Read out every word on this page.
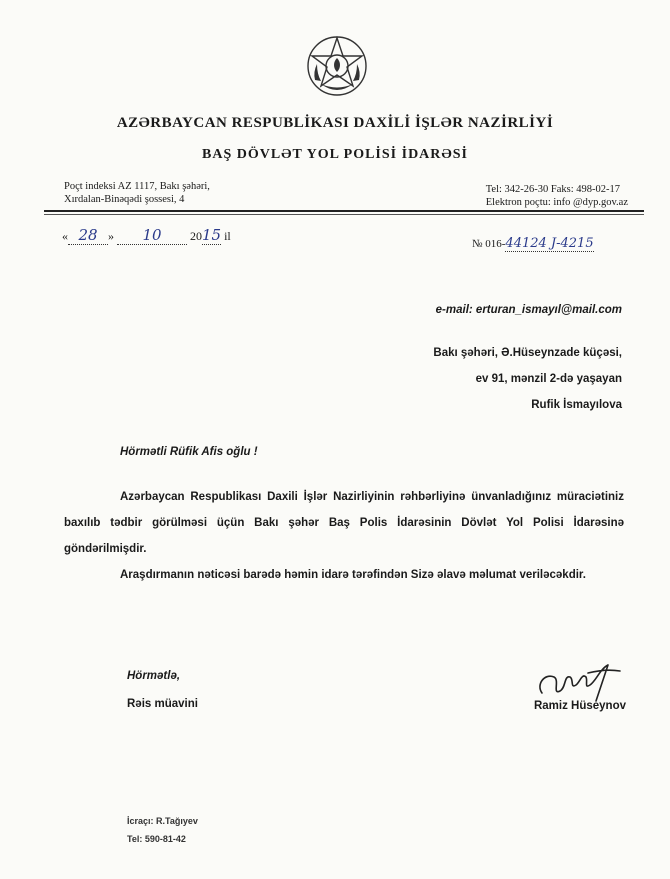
AZƏRBAYCAN RESPUBLİKASI DAXİLİ İŞLƏR NAZİRLİYİ
BAŞ DÖVLƏT YOL POLİSİ İDARƏSİ
Poçt indeksi AZ 1117, Bakı şəhəri,
Xırdalan-Binəqədi şossesi, 4
Tel: 342-26-30 Faks: 498-02-17
Elektron poçtu: info @dyp.gov.az
« 28 » 10 2015 il
№ 016-44124 J-4215
e-mail: erturan_ismayıl@mail.com
Bakı şəhəri, Ə.Hüseynzade küçəsi,
ev 91, mənzil 2-də yaşayan
Rufik İsmayılova
Hörmətli Rüfik Afis oğlu !

Azərbaycan Respublikası Daxili İşlər Nazirliyinin rəhbərliyinə ünvanladığınız müraciətiniz baxılıb tədbir görülməsi üçün Bakı şəhər Baş Polis İdarəsinin Dövlət Yol Polisi İdarəsinə göndərilmişdir.

Araşdırmanın nəticəsi barədə həmin idarə tərəfindən Sizə əlavə məlumat veriləcəkdir.

Hörmətlə,
Rəis müavini	Ramiz Hüseynov
İcraçı: R.Tağıyev
Tel: 590-81-42
